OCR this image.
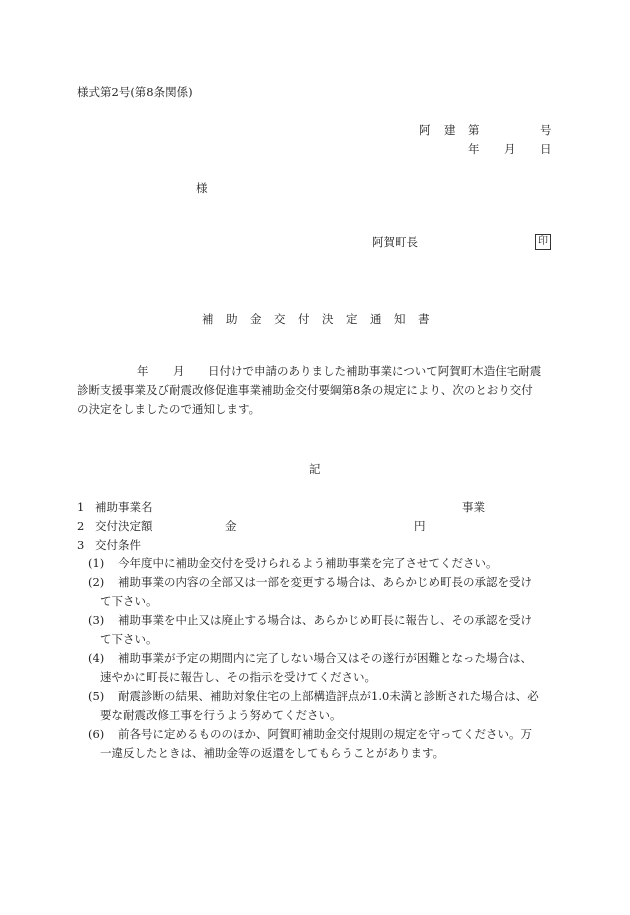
様式第2号(第8条関係)
阿 建 第	号
年 月 日
様
阿賀町長	印
補 助 金 交 付 決 定 通 知 書
年 月 日付けで申請のありました補助事業について阿賀町木造住宅耐震
診断支援事業及び耐震改修促進事業補助金交付要綱第8条の規定により、次のとおり交付
の決定をしましたので通知します。
記
1 補助事業名	事業
2 交付決定額	金	円
3 交付条件
(1) 今年度中に補助金交付を受けられるよう補助事業を完了させてください。
(2) 補助事業の内容の全部又は一部を変更する場合は、あらかじめ町長の承認を受け
て下さい。
(3) 補助事業を中止又は廃止する場合は、あらかじめ町長に報告し、その承認を受け
て下さい。
(4) 補助事業が予定の期間内に完了しない場合又はその遂行が困難となった場合は、
速やかに町長に報告し、その指示を受けてください。
(5) 耐震診断の結果、補助対象住宅の上部構造評点が1.0未満と診断された場合は、必
要な耐震改修工事を行うよう努めてください。
(6) 前各号に定めるもののほか、阿賀町補助金交付規則の規定を守ってください。万
一違反したときは、補助金等の返還をしてもらうことがあります。
